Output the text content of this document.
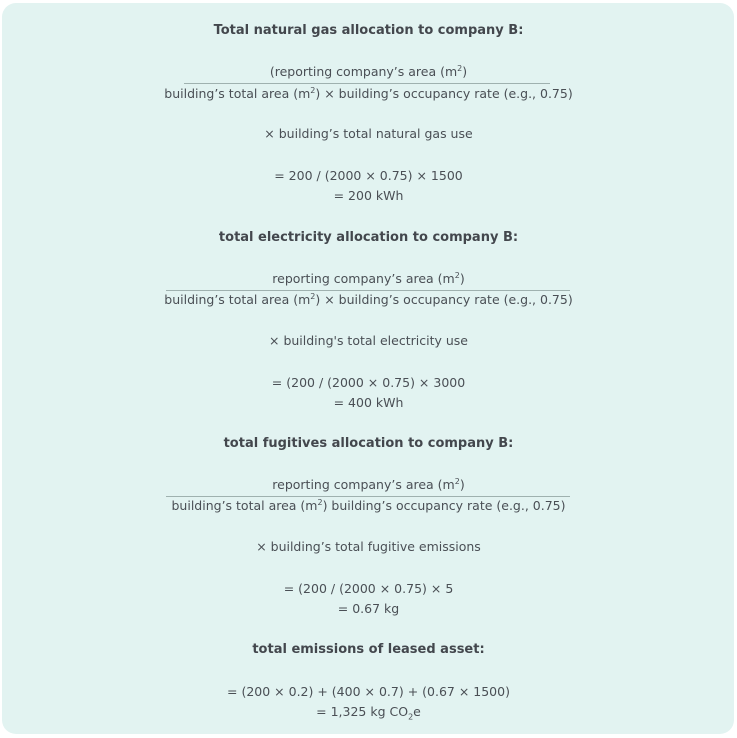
Total natural gas allocation to company B:
(reporting company’s area $(m^2)$
building’s total area $(m^2)$ × building’s occupancy rate (e.g., 0.75)
× building’s total natural gas use
= 200 / (2000 × 0.75) × 1500
= 200 kWh
total electricity allocation to company B:
reporting company’s area $(m^2)$
building’s total area $(m^2)$ × building’s occupancy rate (e.g., 0.75)
× building's total electricity use
= (200 / (2000 × 0.75) × 3000
= 400 kWh
total fugitives allocation to company B:
reporting company’s area $(m^2)$
building’s total area $(m^2)$ building’s occupancy rate (e.g., 0.75)
× building’s total fugitive emissions
= (200 / (2000 × 0.75) × 5
= 0.67 kg
total emissions of leased asset:
= (200 × 0.2) + (400 × 0.7) + (0.67 × 1500)
= 1,325 kg $CO_2e$
